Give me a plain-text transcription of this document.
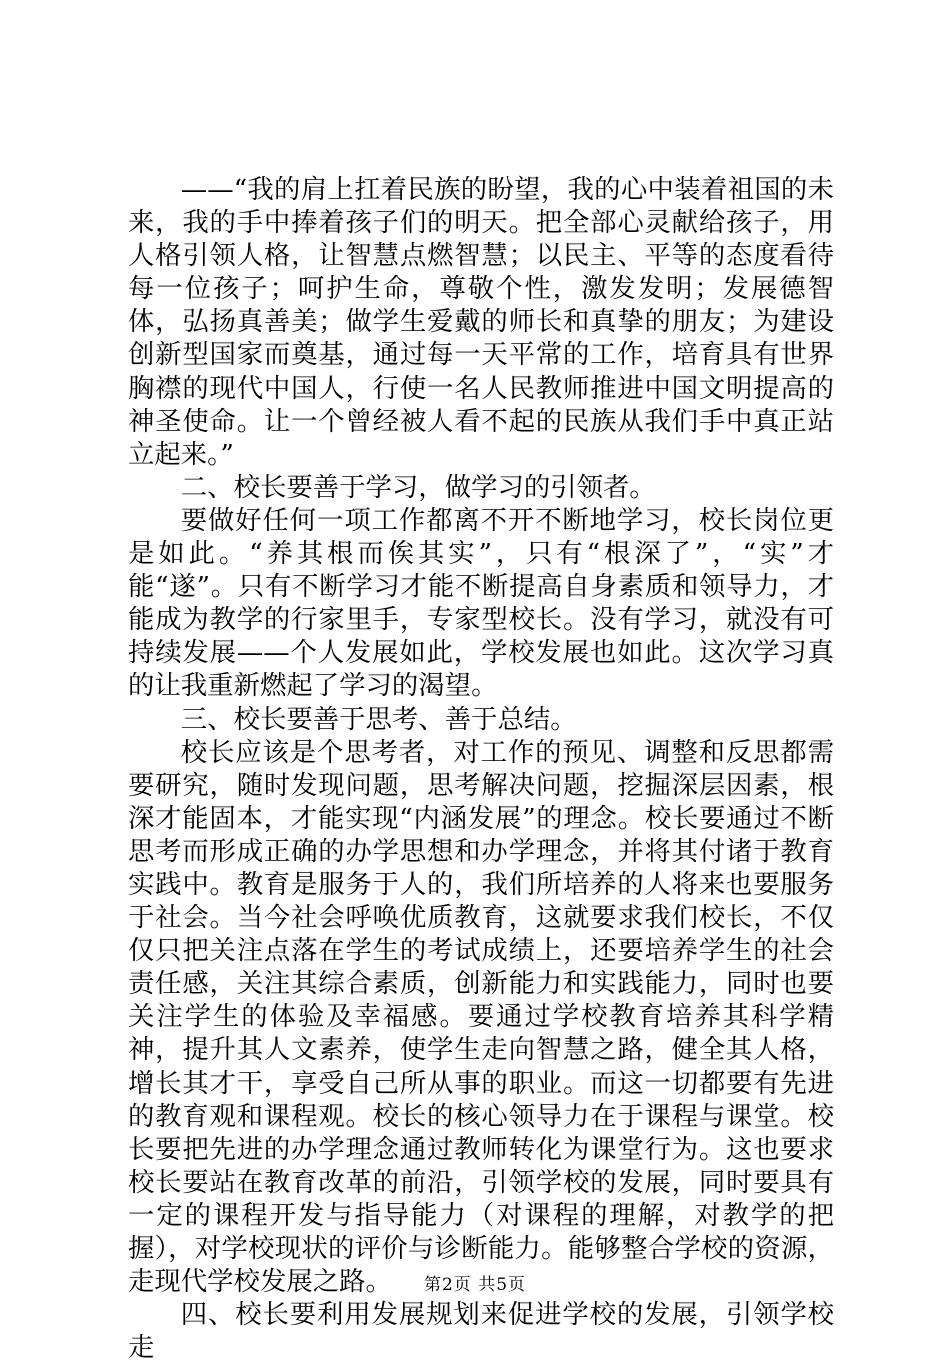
——“我的肩上扛着民族的盼望，我的心中装着祖国的未来，我的手中捧着孩子们的明天。把全部心灵献给孩子，用人格引领人格，让智慧点燃智慧；以民主、平等的态度看待每一位孩子；呵护生命，尊敬个性，激发发明；发展德智体，弘扬真善美；做学生爱戴的师长和真挚的朋友；为建设创新型国家而奠基，通过每一天平常的工作，培育具有世界胸襟的现代中国人，行使一名人民教师推进中国文明提高的神圣使命。让一个曾经被人看不起的民族从我们手中真正站立起来。”

二、校长要善于学习，做学习的引领者。

要做好任何一项工作都离不开不断地学习，校长岗位更是如此。“养其根而俟其实”，只有“根深了”，“实”才能“遂”。只有不断学习才能不断提高自身素质和领导力，才能成为教学的行家里手，专家型校长。没有学习，就没有可持续发展——个人发展如此，学校发展也如此。这次学习真的让我重新燃起了学习的渴望。

三、校长要善于思考、善于总结。

校长应该是个思考者，对工作的预见、调整和反思都需要研究，随时发现问题，思考解决问题，挖掘深层因素，根深才能固本，才能实现“内涵发展”的理念。校长要通过不断思考而形成正确的办学思想和办学理念，并将其付诸于教育实践中。教育是服务于人的，我们所培养的人将来也要服务于社会。当今社会呼唤优质教育，这就要求我们校长，不仅仅只把关注点落在学生的考试成绩上，还要培养学生的社会责任感，关注其综合素质，创新能力和实践能力，同时也要关注学生的体验及幸福感。要通过学校教育培养其科学精神，提升其人文素养，使学生走向智慧之路，健全其人格，增长其才干，享受自己所从事的职业。而这一切都要有先进的教育观和课程观。校长的核心领导力在于课程与课堂。校长要把先进的办学理念通过教师转化为课堂行为。这也要求校长要站在教育改革的前沿，引领学校的发展，同时要具有一定的课程开发与指导能力（对课程的理解，对教学的把握），对学校现状的评价与诊断能力。能够整合学校的资源，走现代学校发展之路。

四、校长要利用发展规划来促进学校的发展，引领学校走

第2页 共5页
